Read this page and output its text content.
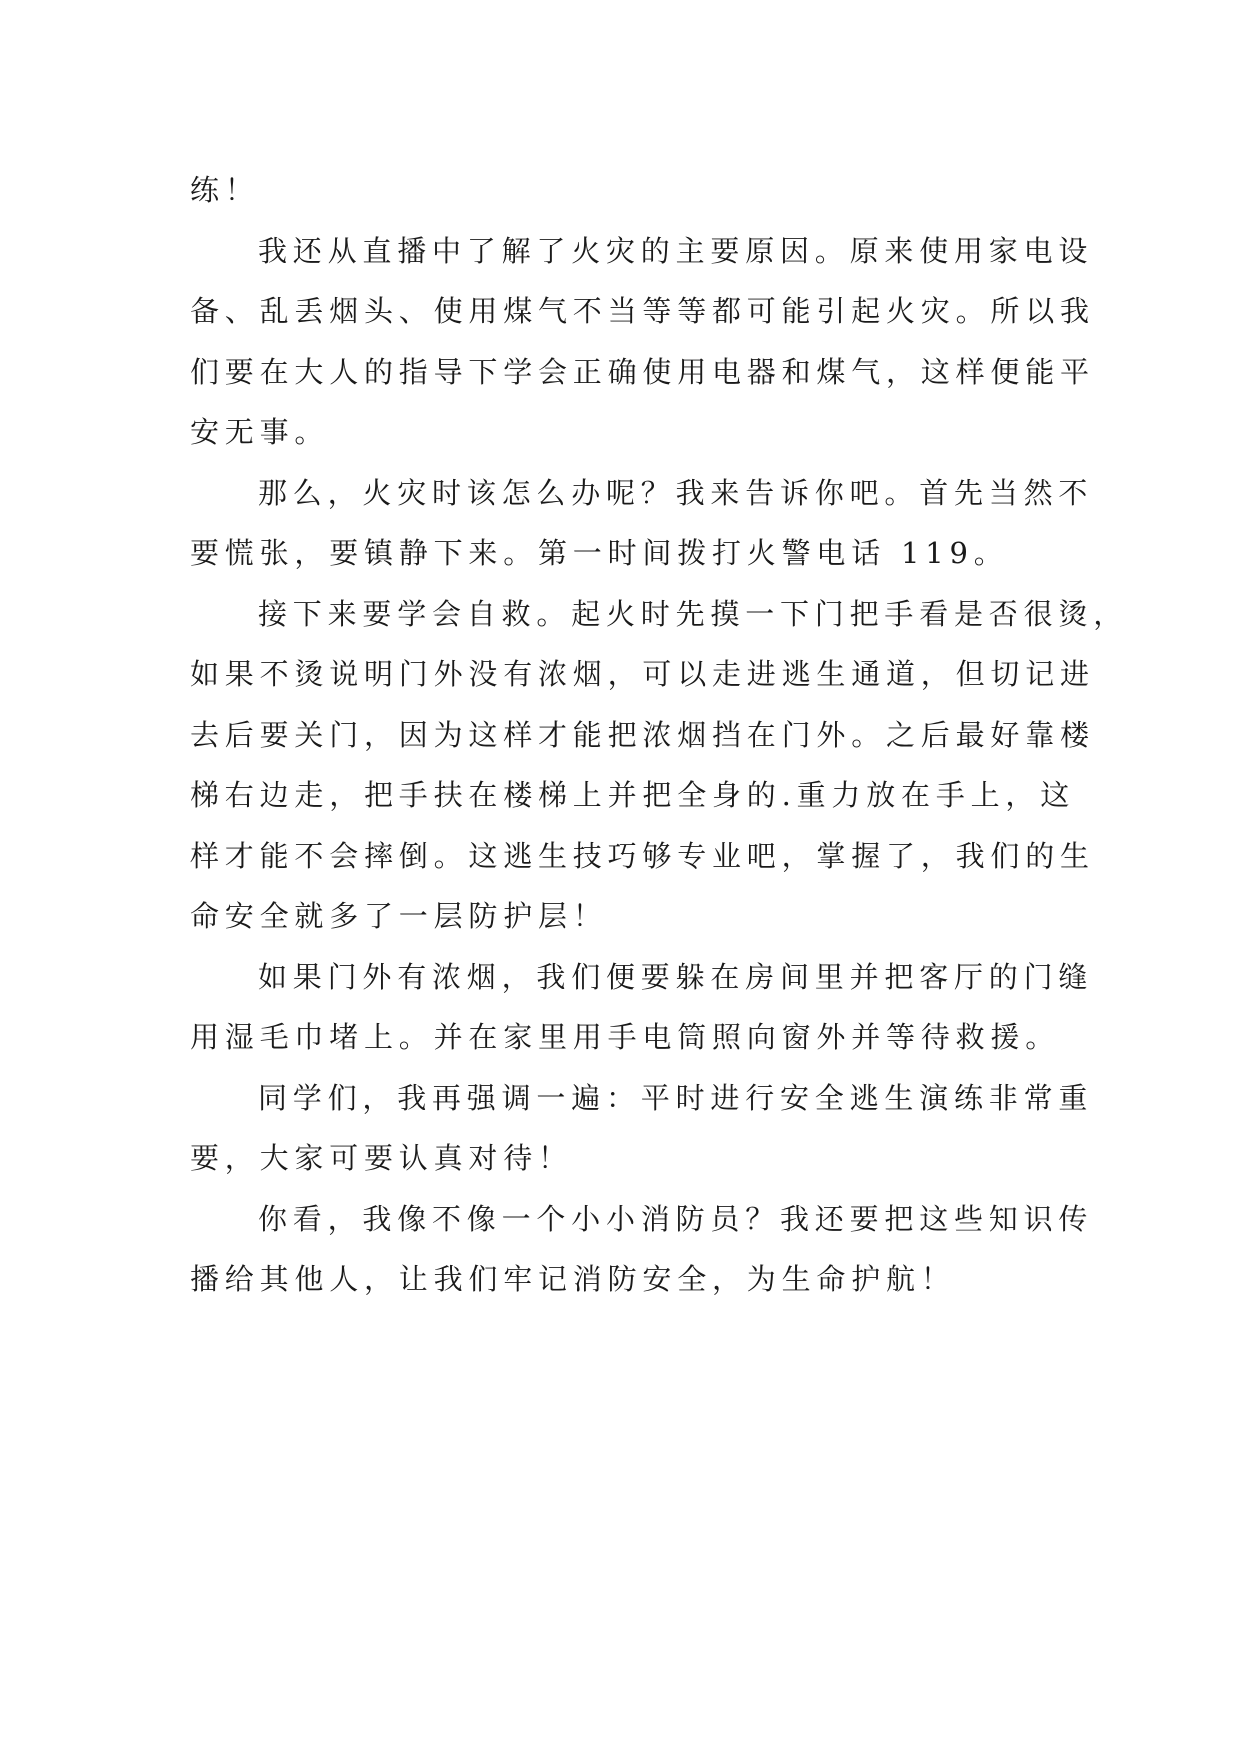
练！
我还从直播中了解了火灾的主要原因。原来使用家电设
备、乱丢烟头、使用煤气不当等等都可能引起火灾。所以我
们要在大人的指导下学会正确使用电器和煤气，这样便能平
安无事。
那么，火灾时该怎么办呢？我来告诉你吧。首先当然不
要慌张，要镇静下来。第一时间拨打火警电话 119。
接下来要学会自救。起火时先摸一下门把手看是否很烫，
如果不烫说明门外没有浓烟，可以走进逃生通道，但切记进
去后要关门，因为这样才能把浓烟挡在门外。之后最好靠楼
梯右边走，把手扶在楼梯上并把全身的.重力放在手上，这
样才能不会摔倒。这逃生技巧够专业吧，掌握了，我们的生
命安全就多了一层防护层！
如果门外有浓烟，我们便要躲在房间里并把客厅的门缝
用湿毛巾堵上。并在家里用手电筒照向窗外并等待救援。
同学们，我再强调一遍：平时进行安全逃生演练非常重
要，大家可要认真对待！
你看，我像不像一个小小消防员？我还要把这些知识传
播给其他人，让我们牢记消防安全，为生命护航！
